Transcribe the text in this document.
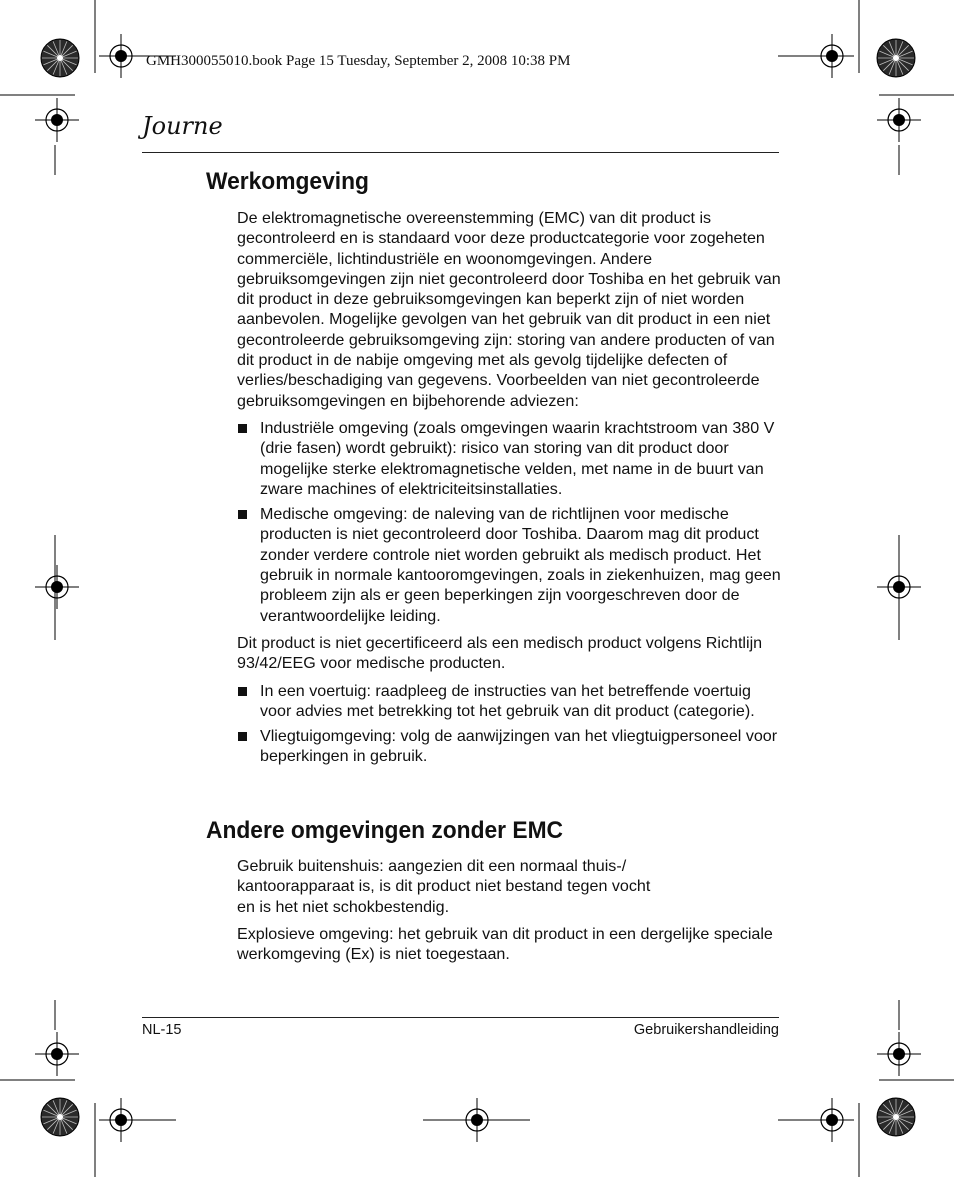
GMH300055010.book Page 15 Tuesday, September 2, 2008 10:38 PM
Journe
Werkomgeving

De elektromagnetische overeenstemming (EMC) van dit product is gecontroleerd en is standaard voor deze productcategorie voor zogeheten commerciële, lichtindustriële en woonomgevingen. Andere gebruiksomgevingen zijn niet gecontroleerd door Toshiba en het gebruik van dit product in deze gebruiksomgevingen kan beperkt zijn of niet worden aanbevolen. Mogelijke gevolgen van het gebruik van dit product in een niet gecontroleerde gebruiksomgeving zijn: storing van andere producten of van dit product in de nabije omgeving met als gevolg tijdelijke defecten of verlies/beschadiging van gegevens. Voorbeelden van niet gecontroleerde gebruiksomgevingen en bijbehorende adviezen:

Industriële omgeving (zoals omgevingen waarin krachtstroom van 380 V (drie fasen) wordt gebruikt): risico van storing van dit product door mogelijke sterke elektromagnetische velden, met name in de buurt van zware machines of elektriciteitsinstallaties.
Medische omgeving: de naleving van de richtlijnen voor medische producten is niet gecontroleerd door Toshiba. Daarom mag dit product zonder verdere controle niet worden gebruikt als medisch product. Het gebruik in normale kantooromgevingen, zoals in ziekenhuizen, mag geen probleem zijn als er geen beperkingen zijn voorgeschreven door de verantwoordelijke leiding.

Dit product is niet gecertificeerd als een medisch product volgens Richtlijn 93/42/EEG voor medische producten.

In een voertuig: raadpleeg de instructies van het betreffende voertuig voor advies met betrekking tot het gebruik van dit product (categorie).
Vliegtuigomgeving: volg de aanwijzingen van het vliegtuigpersoneel voor beperkingen in gebruik.
Andere omgevingen zonder EMC

Gebruik buitenshuis: aangezien dit een normaal thuis-/
kantoorapparaat is, is dit product niet bestand tegen vocht
en is het niet schokbestendig.

Explosieve omgeving: het gebruik van dit product in een dergelijke speciale werkomgeving (Ex) is niet toegestaan.

NL-15	Gebruikershandleiding
